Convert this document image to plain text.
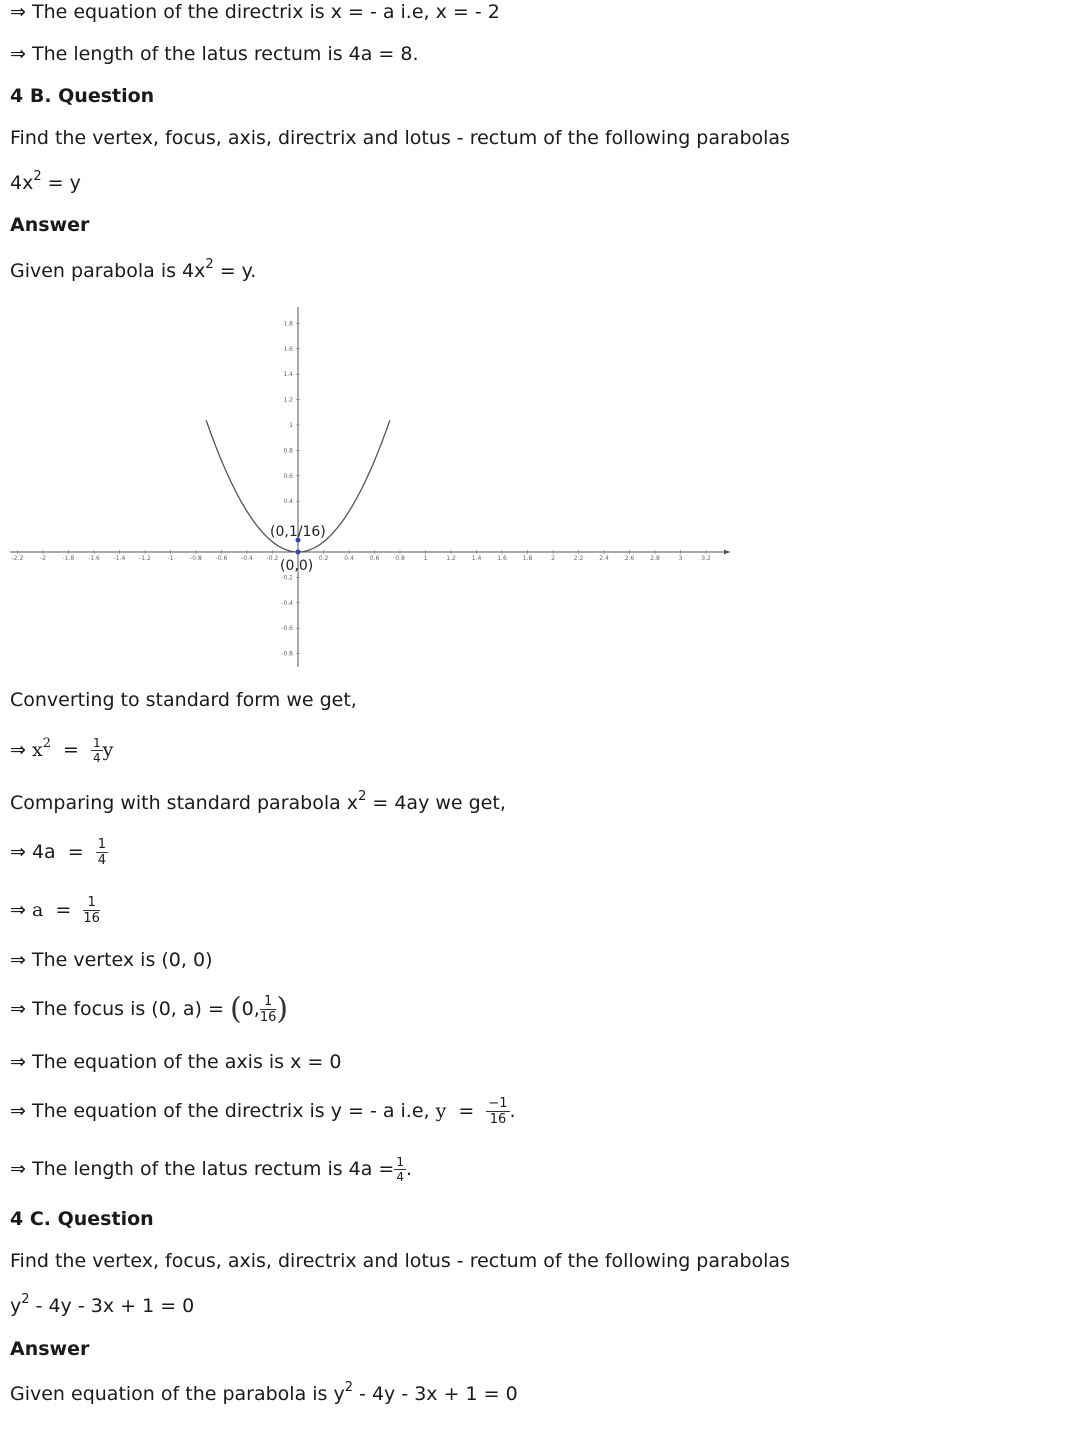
⇒ The equation of the directrix is x = - a i.e, x = - 2
⇒ The length of the latus rectum is 4a = 8.
4 B. Question
Find the vertex, focus, axis, directrix and lotus - rectum of the following parabolas
$4x^2 = y$
Answer
Given parabola is $4x^2 = y$.
-2.2	-2	-1.8 -1.6 -1.4 -1.2	-1	-0.8 -0.6 -0.4 -0.2	0.2	0.4	0.6	0.8	1	1.2	1.4	1.6	1.8	2	2.2	2.4	2.6	2.8	3	3.2
1.8
1.6
1.4
1.2
1
0.8
0.6
0.4
-0.2
-0.4
-0.6
-0.8
(0,1/16)
(0,0)
Converting to standard form we get,
⇒ $x^2 = \frac{1}{4}$ y
Comparing with standard parabola $x^2 = 4ay$ we get,
⇒ $4a = \frac{1}{4}$
⇒ $a = \frac{1}{16}$
⇒ The vertex is (0, 0)
⇒ The focus is (0, a) = (0, $\frac{1}{16}$ )
⇒ The equation of the axis is x = 0
⇒ The equation of the directrix is y = - a i.e, $y = \frac{-1}{16}$ .
⇒ The length of the latus rectum is $4a = \frac{1}{4}$ .
4 C. Question
Find the vertex, focus, axis, directrix and lotus - rectum of the following parabolas
$y^2 - 4y - 3x + 1 = 0$
Answer
Given equation of the parabola is $y^2 - 4y - 3x + 1 = 0$
